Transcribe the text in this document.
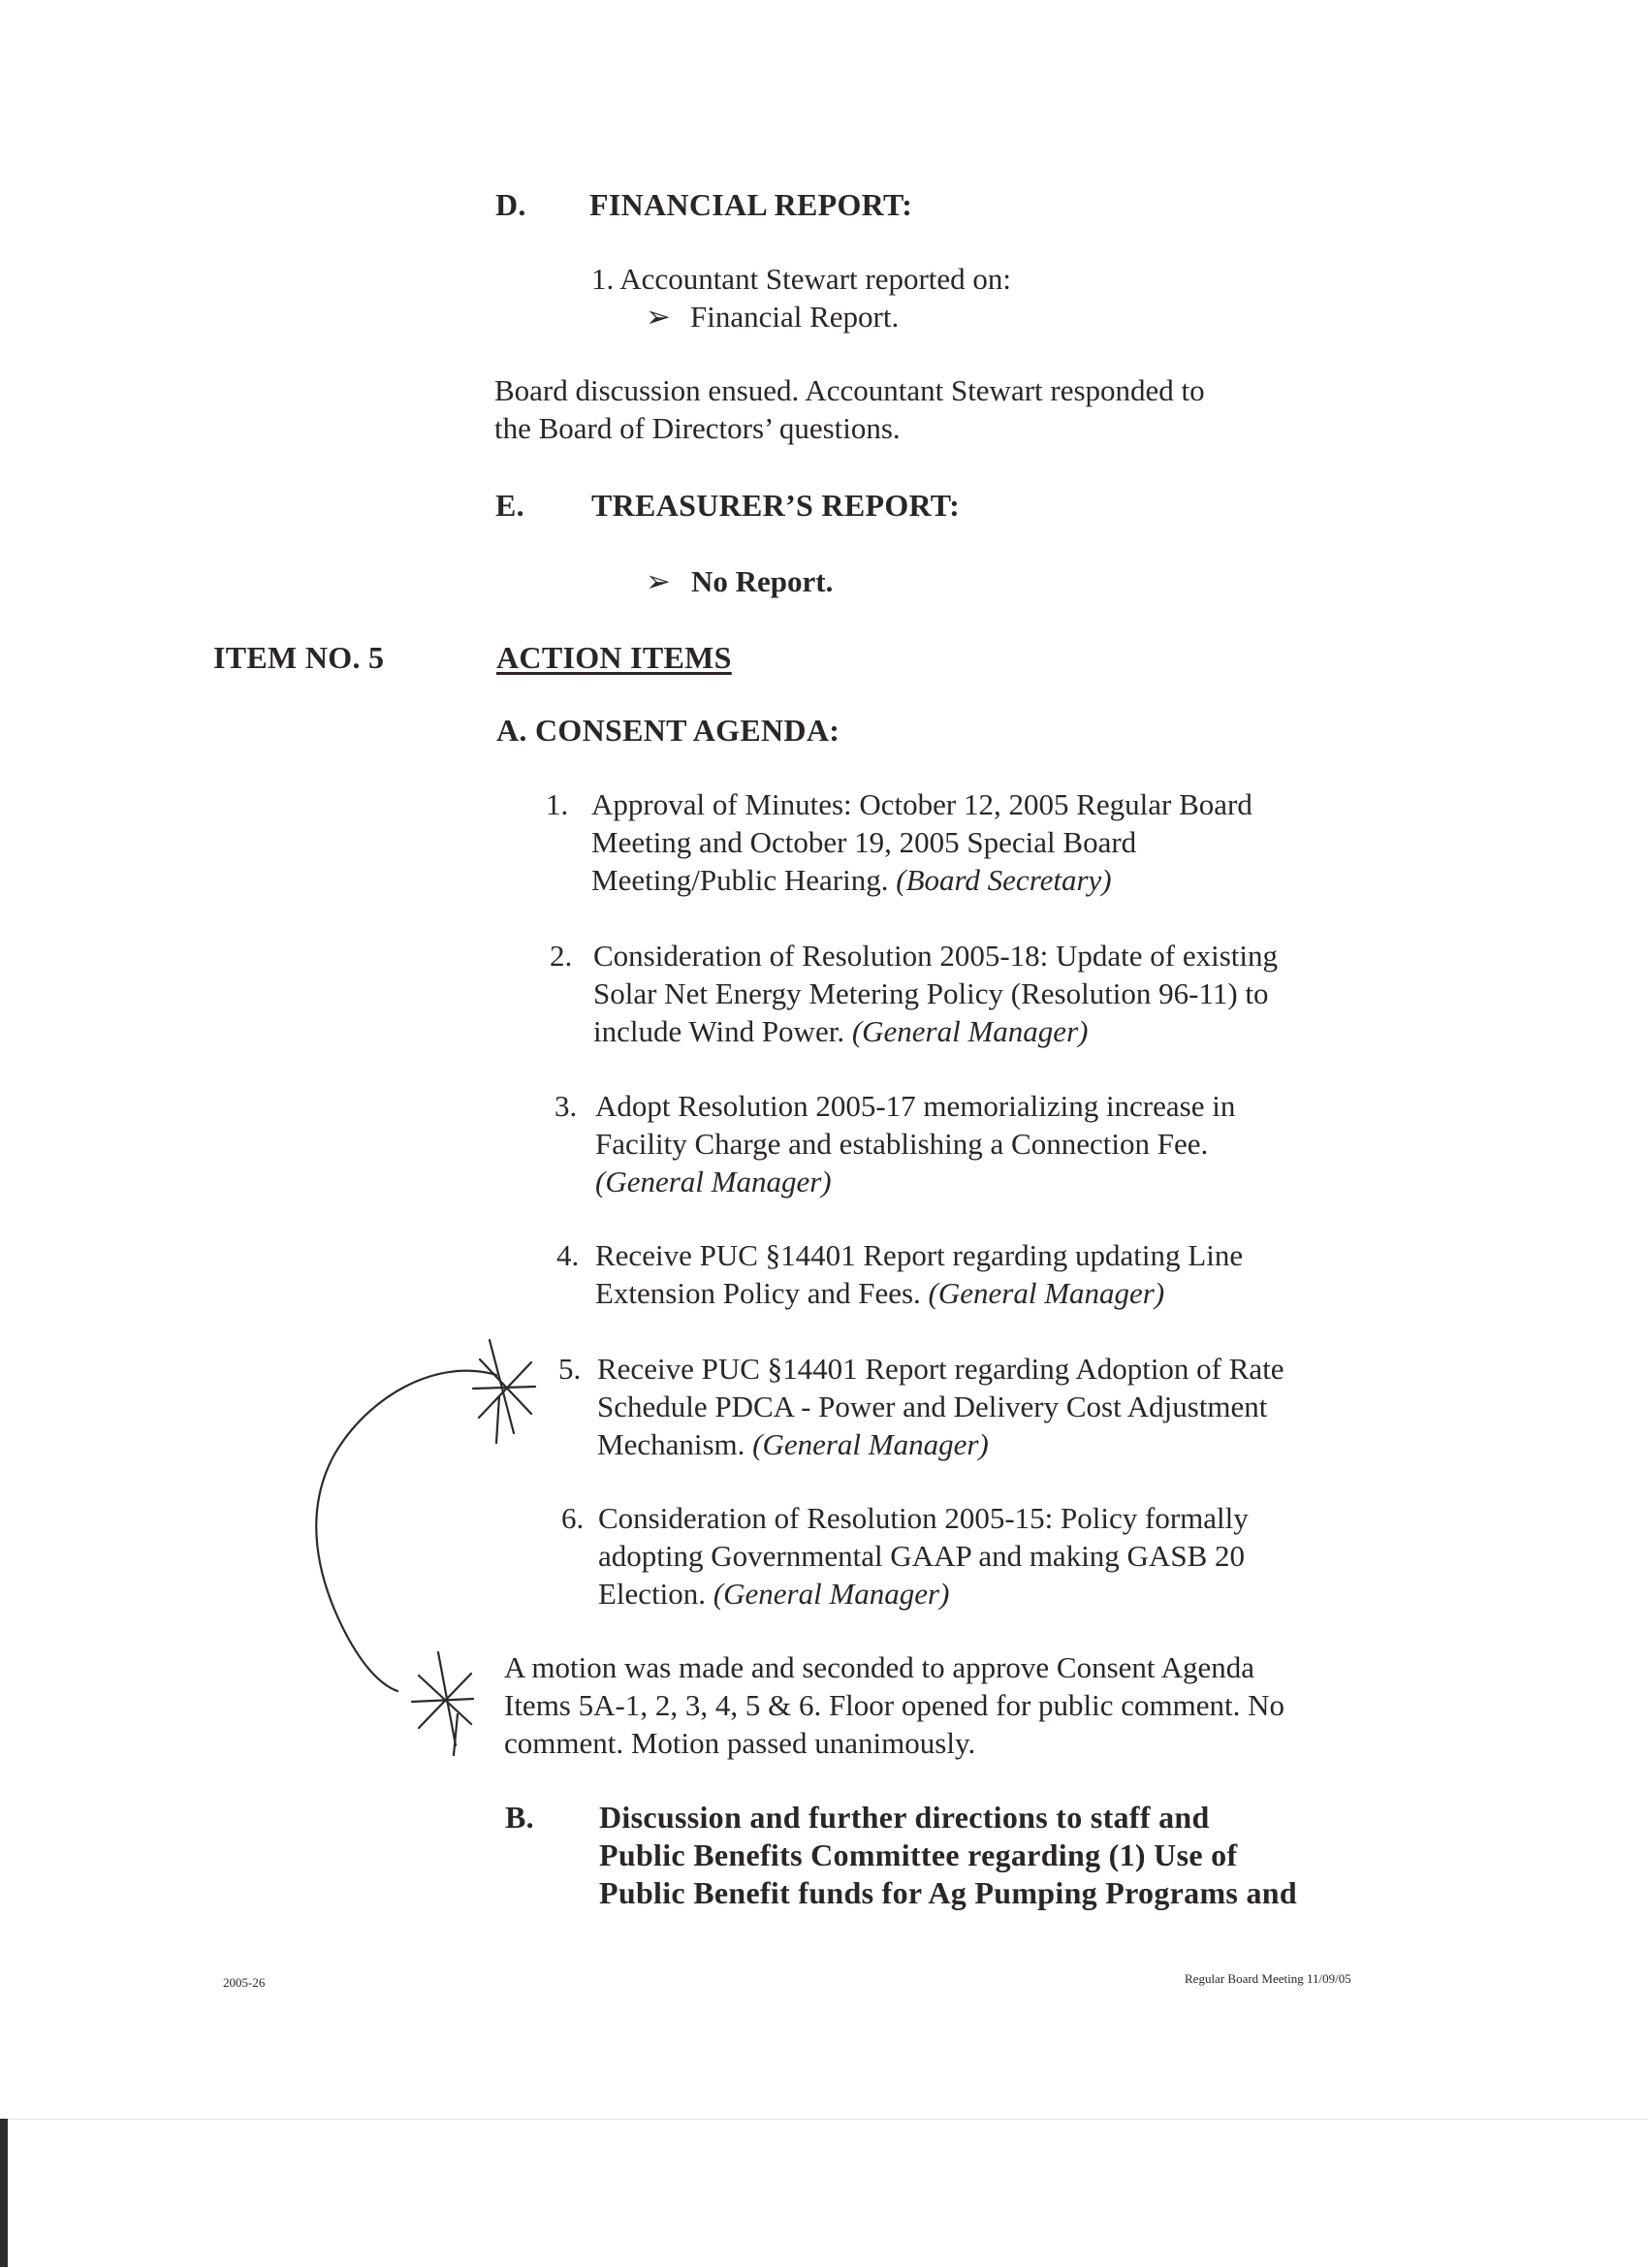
D. FINANCIAL REPORT:
1. Accountant Stewart reported on:
➢ Financial Report.
Board discussion ensued. Accountant Stewart responded to
the Board of Directors’ questions.
E. TREASURER’S REPORT:
➢ No Report.
ITEM NO. 5	ACTION ITEMS
A. CONSENT AGENDA:
1. Approval of Minutes: October 12, 2005 Regular Board
Meeting and October 19, 2005 Special Board
Meeting/Public Hearing. (Board Secretary)
2. Consideration of Resolution 2005-18: Update of existing
Solar Net Energy Metering Policy (Resolution 96-11) to
include Wind Power. (General Manager)
3. Adopt Resolution 2005-17 memorializing increase in
Facility Charge and establishing a Connection Fee.
(General Manager)
4. Receive PUC §14401 Report regarding updating Line
Extension Policy and Fees. (General Manager)
5. Receive PUC §14401 Report regarding Adoption of Rate
Schedule PDCA - Power and Delivery Cost Adjustment
Mechanism. (General Manager)
6. Consideration of Resolution 2005-15: Policy formally
adopting Governmental GAAP and making GASB 20
Election. (General Manager)
A motion was made and seconded to approve Consent Agenda
Items 5A-1, 2, 3, 4, 5 & 6. Floor opened for public comment. No
comment. Motion passed unanimously.
B. Discussion and further directions to staff and
Public Benefits Committee regarding (1) Use of
Public Benefit funds for Ag Pumping Programs and
2005-26	Regular Board Meeting 11/09/05
